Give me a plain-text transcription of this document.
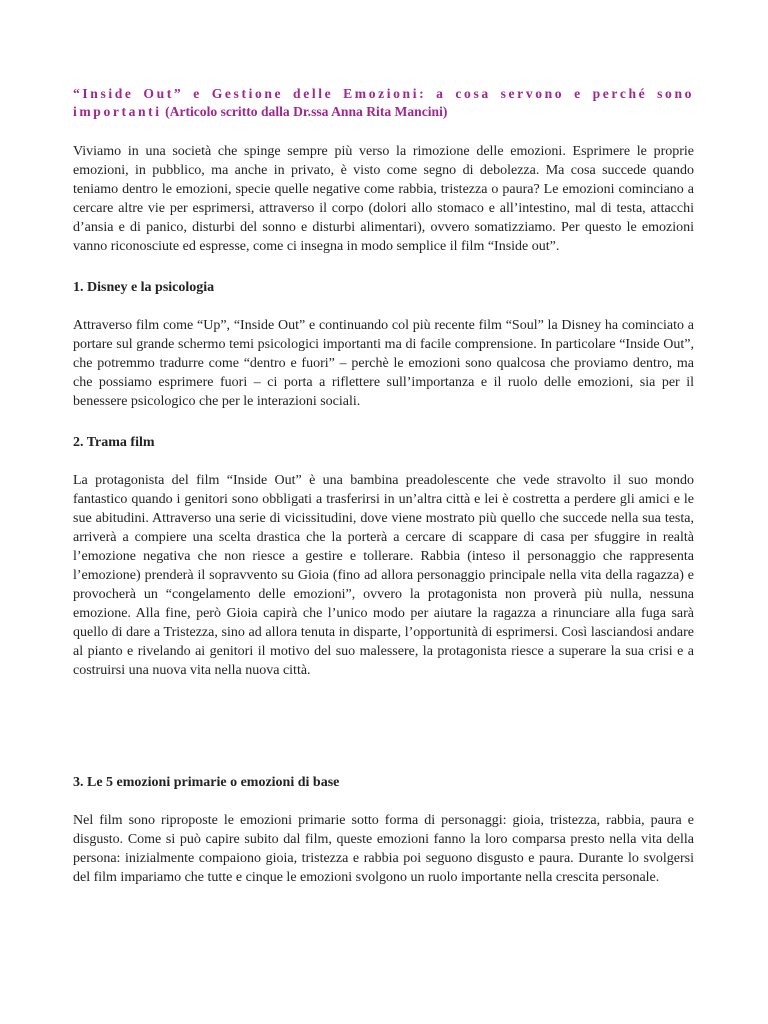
“Inside Out” e Gestione delle Emozioni: a cosa servono e perché sono importanti (Articolo scritto dalla Dr.ssa Anna Rita Mancini)

Viviamo in una società che spinge sempre più verso la rimozione delle emozioni. Esprimere le proprie emozioni, in pubblico, ma anche in privato, è visto come segno di debolezza. Ma cosa succede quando teniamo dentro le emozioni, specie quelle negative come rabbia, tristezza o paura? Le emozioni cominciano a cercare altre vie per esprimersi, attraverso il corpo (dolori allo stomaco e all’intestino, mal di testa, attacchi d’ansia e di panico, disturbi del sonno e disturbi alimentari), ovvero somatizziamo. Per questo le emozioni vanno riconosciute ed espresse, come ci insegna in modo semplice il film “Inside out”.

1. Disney e la psicologia

Attraverso film come “Up”, “Inside Out” e continuando col più recente film “Soul” la Disney ha cominciato a portare sul grande schermo temi psicologici importanti ma di facile comprensione. In particolare “Inside Out”, che potremmo tradurre come “dentro e fuori” – perchè le emozioni sono qualcosa che proviamo dentro, ma che possiamo esprimere fuori – ci porta a riflettere sull’importanza e il ruolo delle emozioni, sia per il benessere psicologico che per le interazioni sociali.

2. Trama film

La protagonista del film “Inside Out” è una bambina preadolescente che vede stravolto il suo mondo fantastico quando i genitori sono obbligati a trasferirsi in un’altra città e lei è costretta a perdere gli amici e le sue abitudini. Attraverso una serie di vicissitudini, dove viene mostrato più quello che succede nella sua testa, arriverà a compiere una scelta drastica che la porterà a cercare di scappare di casa per sfuggire in realtà l’emozione negativa che non riesce a gestire e tollerare. Rabbia (inteso il personaggio che rappresenta l’emozione) prenderà il sopravvento su Gioia (fino ad allora personaggio principale nella vita della ragazza) e provocherà un “congelamento delle emozioni”, ovvero la protagonista non proverà più nulla, nessuna emozione. Alla fine, però Gioia capirà che l’unico modo per aiutare la ragazza a rinunciare alla fuga sarà quello di dare a Tristezza, sino ad allora tenuta in disparte, l’opportunità di esprimersi. Così lasciandosi andare al pianto e rivelando ai genitori il motivo del suo malessere, la protagonista riesce a superare la sua crisi e a costruirsi una nuova vita nella nuova città.

3. Le 5 emozioni primarie o emozioni di base

Nel film sono riproposte le emozioni primarie sotto forma di personaggi: gioia, tristezza, rabbia, paura e disgusto. Come si può capire subito dal film, queste emozioni fanno la loro comparsa presto nella vita della persona: inizialmente compaiono gioia, tristezza e rabbia poi seguono disgusto e paura. Durante lo svolgersi del film impariamo che tutte e cinque le emozioni svolgono un ruolo importante nella crescita personale.
